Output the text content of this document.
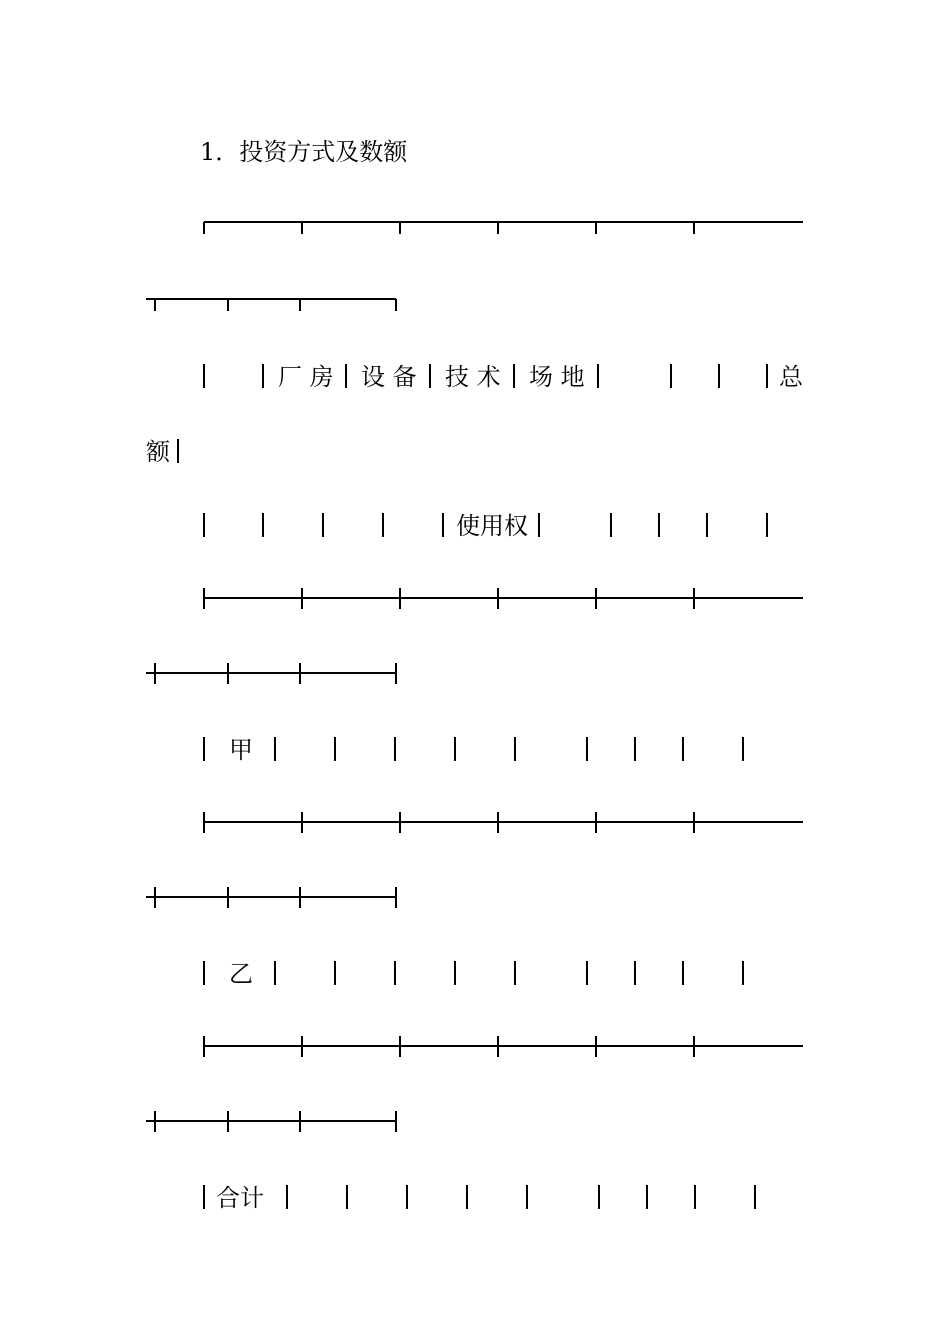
1．投资方式及数额

厂 房 设 备 技 术 场 地	总
额
使用权
甲
乙
合计
